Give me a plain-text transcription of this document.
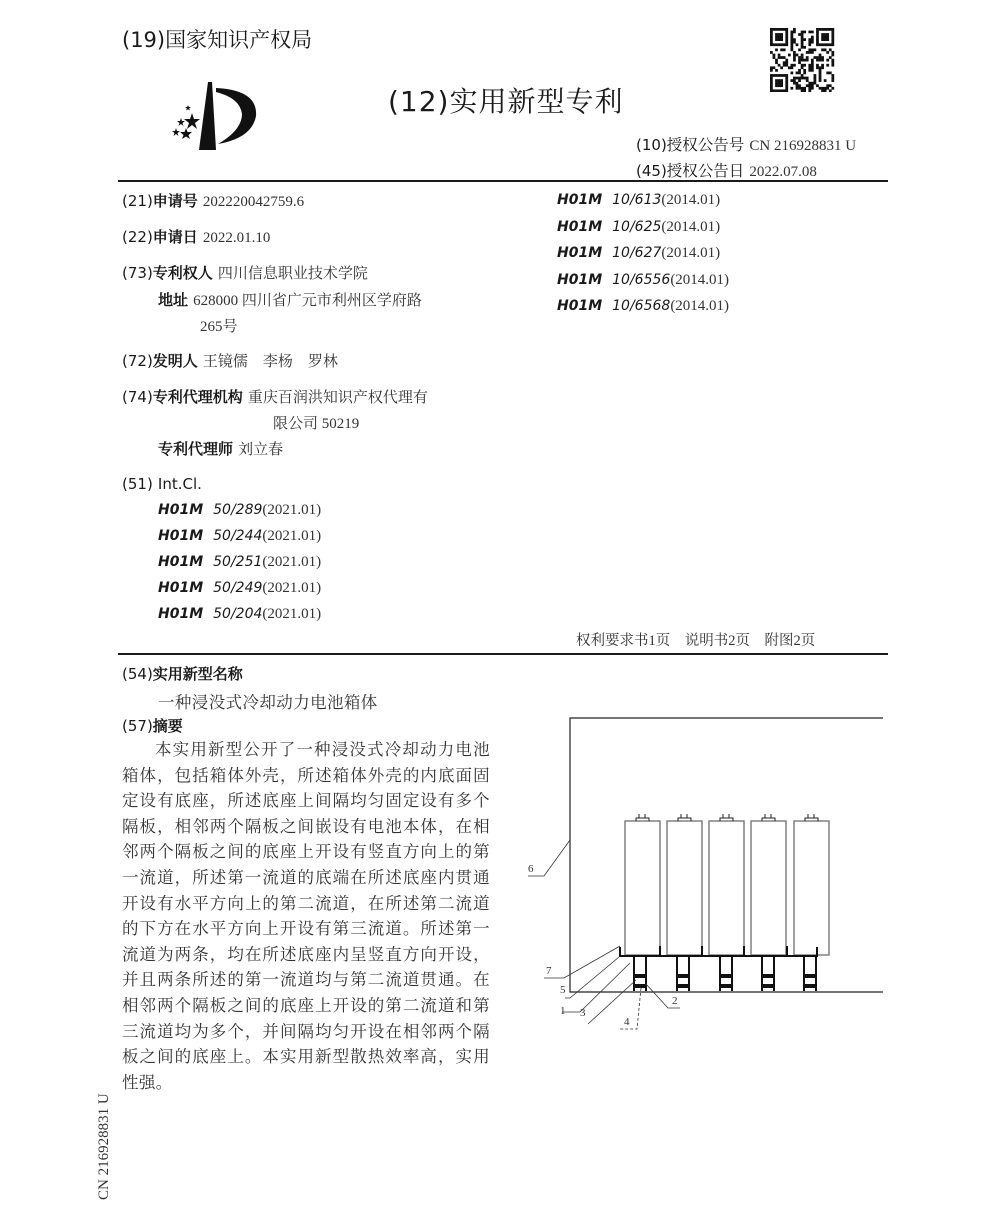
(19)国家知识产权局
(12)实用新型专利
(10)授权公告号 CN 216928831 U
(45)授权公告日 2022.07.08
(21)申请号 202220042759.6
(22)申请日 2022.01.10
(73)专利权人 四川信息职业技术学院
地址 628000 四川省广元市利州区学府路
265号
(72)发明人 王镜儒　李杨　罗林
(74)专利代理机构 重庆百润洪知识产权代理有
限公司 50219
专利代理师 刘立春
(51) Int.Cl.
H01M 50/289(2021.01)
H01M 50/244(2021.01)
H01M 50/251(2021.01)
H01M 50/249(2021.01)
H01M 50/204(2021.01)
H01M 10/613(2014.01)
H01M 10/625(2014.01)
H01M 10/627(2014.01)
H01M 10/6556(2014.01)
H01M 10/6568(2014.01)
权利要求书1页　说明书2页　附图2页
(54)实用新型名称
一种浸没式冷却动力电池箱体
(57)摘要
本实用新型公开了一种浸没式冷却动力电池箱体，包括箱体外壳，所述箱体外壳的内底面固定设有底座，所述底座上间隔均匀固定设有多个隔板，相邻两个隔板之间嵌设有电池本体，在相邻两个隔板之间的底座上开设有竖直方向上的第一流道，所述第一流道的底端在所述底座内贯通开设有水平方向上的第二流道，在所述第二流道的下方在水平方向上开设有第三流道。所述第一流道为两条，均在所述底座内呈竖直方向开设，并且两条所述的第一流道均与第二流道贯通。在相邻两个隔板之间的底座上开设的第二流道和第三流道均为多个，并间隔均匀开设在相邻两个隔板之间的底座上。本实用新型散热效率高，实用性强。
CN 216928831 U
6
7
5
1 3
4
2
